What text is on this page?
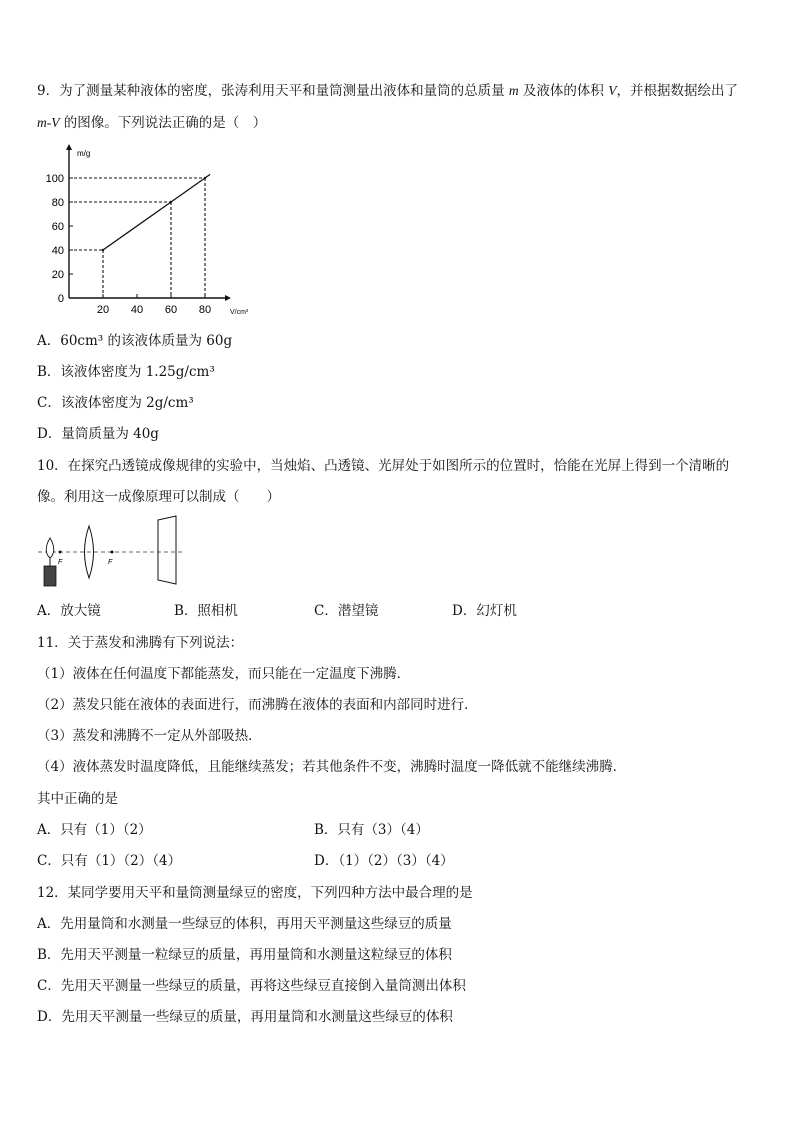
9．为了测量某种液体的密度，张涛利用天平和量筒测量出液体和量筒的总质量 m 及液体的体积 V，并根据数据绘出了
m-V 的图像。下列说法正确的是（　）
m/g
V/cm³
0
20
40
60
80
100
20 40 60 80
A．60cm³ 的该液体质量为 60g
B．该液体密度为 1.25g/cm³
C．该液体密度为 2g/cm³
D．量筒质量为 40g
10．在探究凸透镜成像规律的实验中，当烛焰、凸透镜、光屏处于如图所示的位置时，恰能在光屏上得到一个清晰的
像。利用这一成像原理可以制成（　　）
F	F
A．放大镜	B．照相机	C．潜望镜	D．幻灯机
11．关于蒸发和沸腾有下列说法：
（1）液体在任何温度下都能蒸发，而只能在一定温度下沸腾．
（2）蒸发只能在液体的表面进行，而沸腾在液体的表面和内部同时进行．
（3）蒸发和沸腾不一定从外部吸热．
（4）液体蒸发时温度降低，且能继续蒸发；若其他条件不变，沸腾时温度一降低就不能继续沸腾．
其中正确的是
A．只有（1）（2）	B．只有（3）（4）
C．只有（1）（2）（4）	D．（1）（2）（3）（4）
12．某同学要用天平和量筒测量绿豆的密度，下列四种方法中最合理的是
A．先用量筒和水测量一些绿豆的体积，再用天平测量这些绿豆的质量
B．先用天平测量一粒绿豆的质量，再用量筒和水测量这粒绿豆的体积
C．先用天平测量一些绿豆的质量，再将这些绿豆直接倒入量筒测出体积
D．先用天平测量一些绿豆的质量，再用量筒和水测量这些绿豆的体积
